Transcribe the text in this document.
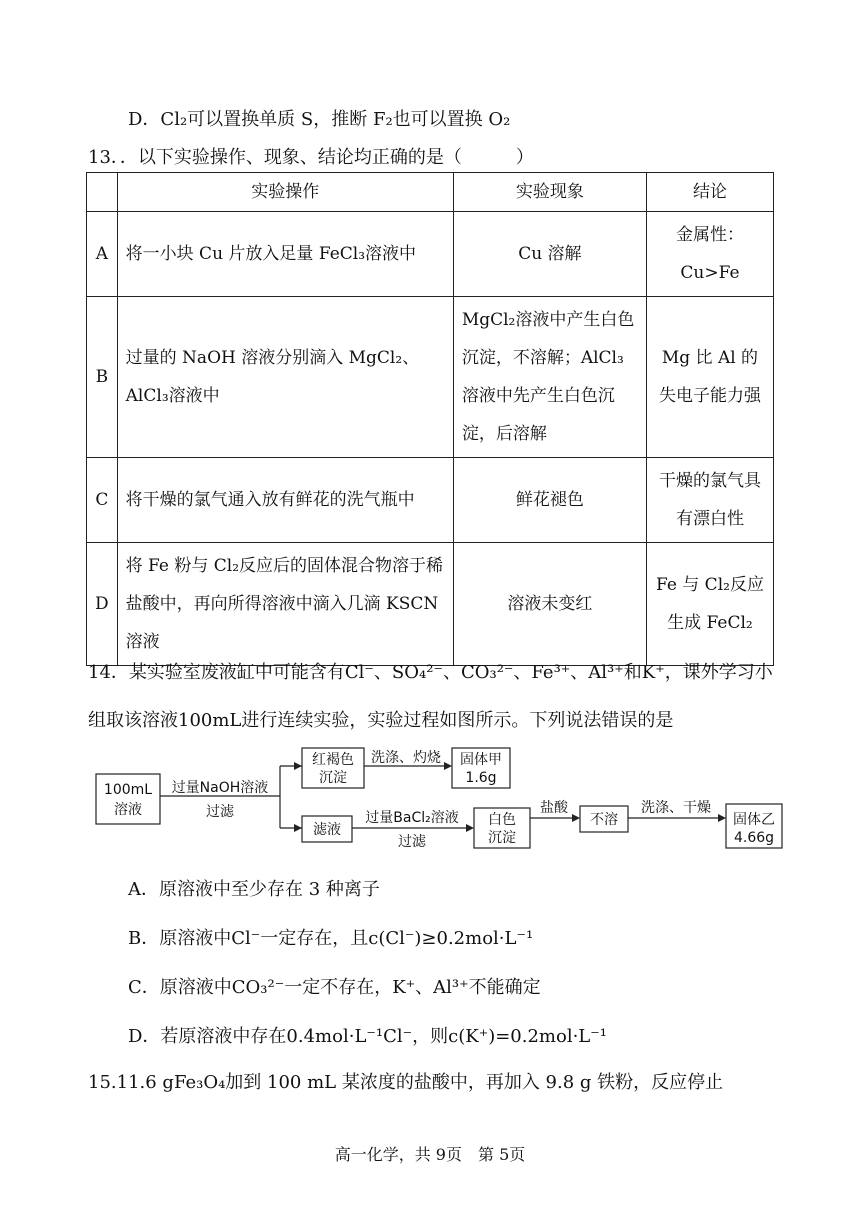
D．Cl₂可以置换单质 S，推断 F₂也可以置换 O₂
13．．以下实验操作、现象、结论均正确的是（　　　）
	实验操作	实验现象	结论
A	将一小块 Cu 片放入足量 FeCl₃溶液中	Cu 溶解	金属性：Cu>Fe
B	过量的 NaOH 溶液分别滴入 MgCl₂、AlCl₃溶液中	MgCl₂溶液中产生白色沉淀，不溶解；AlCl₃溶液中先产生白色沉淀，后溶解	Mg 比 Al 的失电子能力强
C	将干燥的氯气通入放有鲜花的洗气瓶中	鲜花褪色	干燥的氯气具有漂白性
D	将 Fe 粉与 Cl₂反应后的固体混合物溶于稀盐酸中，再向所得溶液中滴入几滴 KSCN 溶液	溶液未变红	Fe 与 Cl₂反应生成 FeCl₂
14．某实验室废液缸中可能含有Cl⁻、SO₄²⁻、CO₃²⁻、Fe³⁺、Al³⁺和K⁺，课外学习小
组取该溶液100mL进行连续实验，实验过程如图所示。下列说法错误的是
100mL
溶液
过量NaOH溶液
过滤
红褐色
沉淀
洗涤、灼烧 固体甲
1.6g
滤液
过量BaCl₂溶液
过滤
白色
沉淀
盐酸
不溶
洗涤、干燥
固体乙
4.66g
A．原溶液中至少存在 3 种离子
B．原溶液中Cl⁻一定存在，且c(Cl⁻)≥0.2mol·L⁻¹
C．原溶液中CO₃²⁻一定不存在，K⁺、Al³⁺不能确定
D．若原溶液中存在0.4mol·L⁻¹Cl⁻，则c(K⁺)=0.2mol·L⁻¹
15.11.6 gFe₃O₄加到 100 mL 某浓度的盐酸中，再加入 9.8 g 铁粉，反应停止
高一化学，共 9页　第 5页
